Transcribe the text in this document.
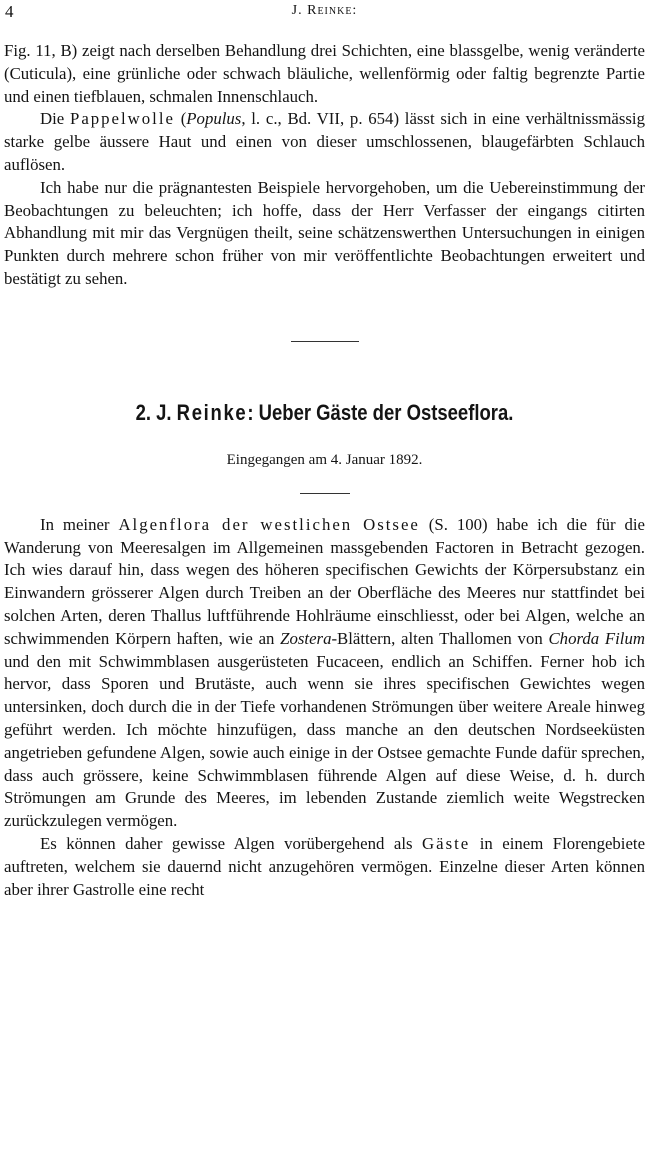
4	J. Reinke:

Fig. 11, B) zeigt nach derselben Behandlung drei Schichten, eine blassgelbe, wenig veränderte (Cuticula), eine grünliche oder schwach bläuliche, wellenförmig oder faltig begrenzte Partie und einen tiefblauen, schmalen Innenschlauch.

Die Pappelwolle (Populus, l. c., Bd. VII, p. 654) lässt sich in eine verhältnissmässig starke gelbe äussere Haut und einen von dieser umschlossenen, blaugefärbten Schlauch auflösen.

Ich habe nur die prägnantesten Beispiele hervorgehoben, um die Uebereinstimmung der Beobachtungen zu beleuchten; ich hoffe, dass der Herr Verfasser der eingangs citirten Abhandlung mit mir das Vergnügen theilt, seine schätzenswerthen Untersuchungen in einigen Punkten durch mehrere schon früher von mir veröffentlichte Beobachtungen erweitert und bestätigt zu sehen.

2. J. Reinke: Ueber Gäste der Ostseeflora.
Eingegangen am 4. Januar 1892.

In meiner Algenflora der westlichen Ostsee (S. 100) habe ich die für die Wanderung von Meeresalgen im Allgemeinen massgebenden Factoren in Betracht gezogen. Ich wies darauf hin, dass wegen des höheren specifischen Gewichts der Körpersubstanz ein Einwandern grösserer Algen durch Treiben an der Oberfläche des Meeres nur stattfindet bei solchen Arten, deren Thallus luftführende Hohlräume einschliesst, oder bei Algen, welche an schwimmenden Körpern haften, wie an Zostera-Blättern, alten Thallomen von Chorda Filum und den mit Schwimmblasen ausgerüsteten Fucaceen, endlich an Schiffen. Ferner hob ich hervor, dass Sporen und Brutäste, auch wenn sie ihres specifischen Gewichtes wegen untersinken, doch durch die in der Tiefe vorhandenen Strömungen über weitere Areale hinweg geführt werden. Ich möchte hinzufügen, dass manche an den deutschen Nordseeküsten angetrieben gefundene Algen, sowie auch einige in der Ostsee gemachte Funde dafür sprechen, dass auch grössere, keine Schwimmblasen führende Algen auf diese Weise, d. h. durch Strömungen am Grunde des Meeres, im lebenden Zustande ziemlich weite Wegstrecken zurückzulegen vermögen.

Es können daher gewisse Algen vorübergehend als Gäste in einem Florengebiete auftreten, welchem sie dauernd nicht anzugehören vermögen. Einzelne dieser Arten können aber ihrer Gastrolle eine recht
